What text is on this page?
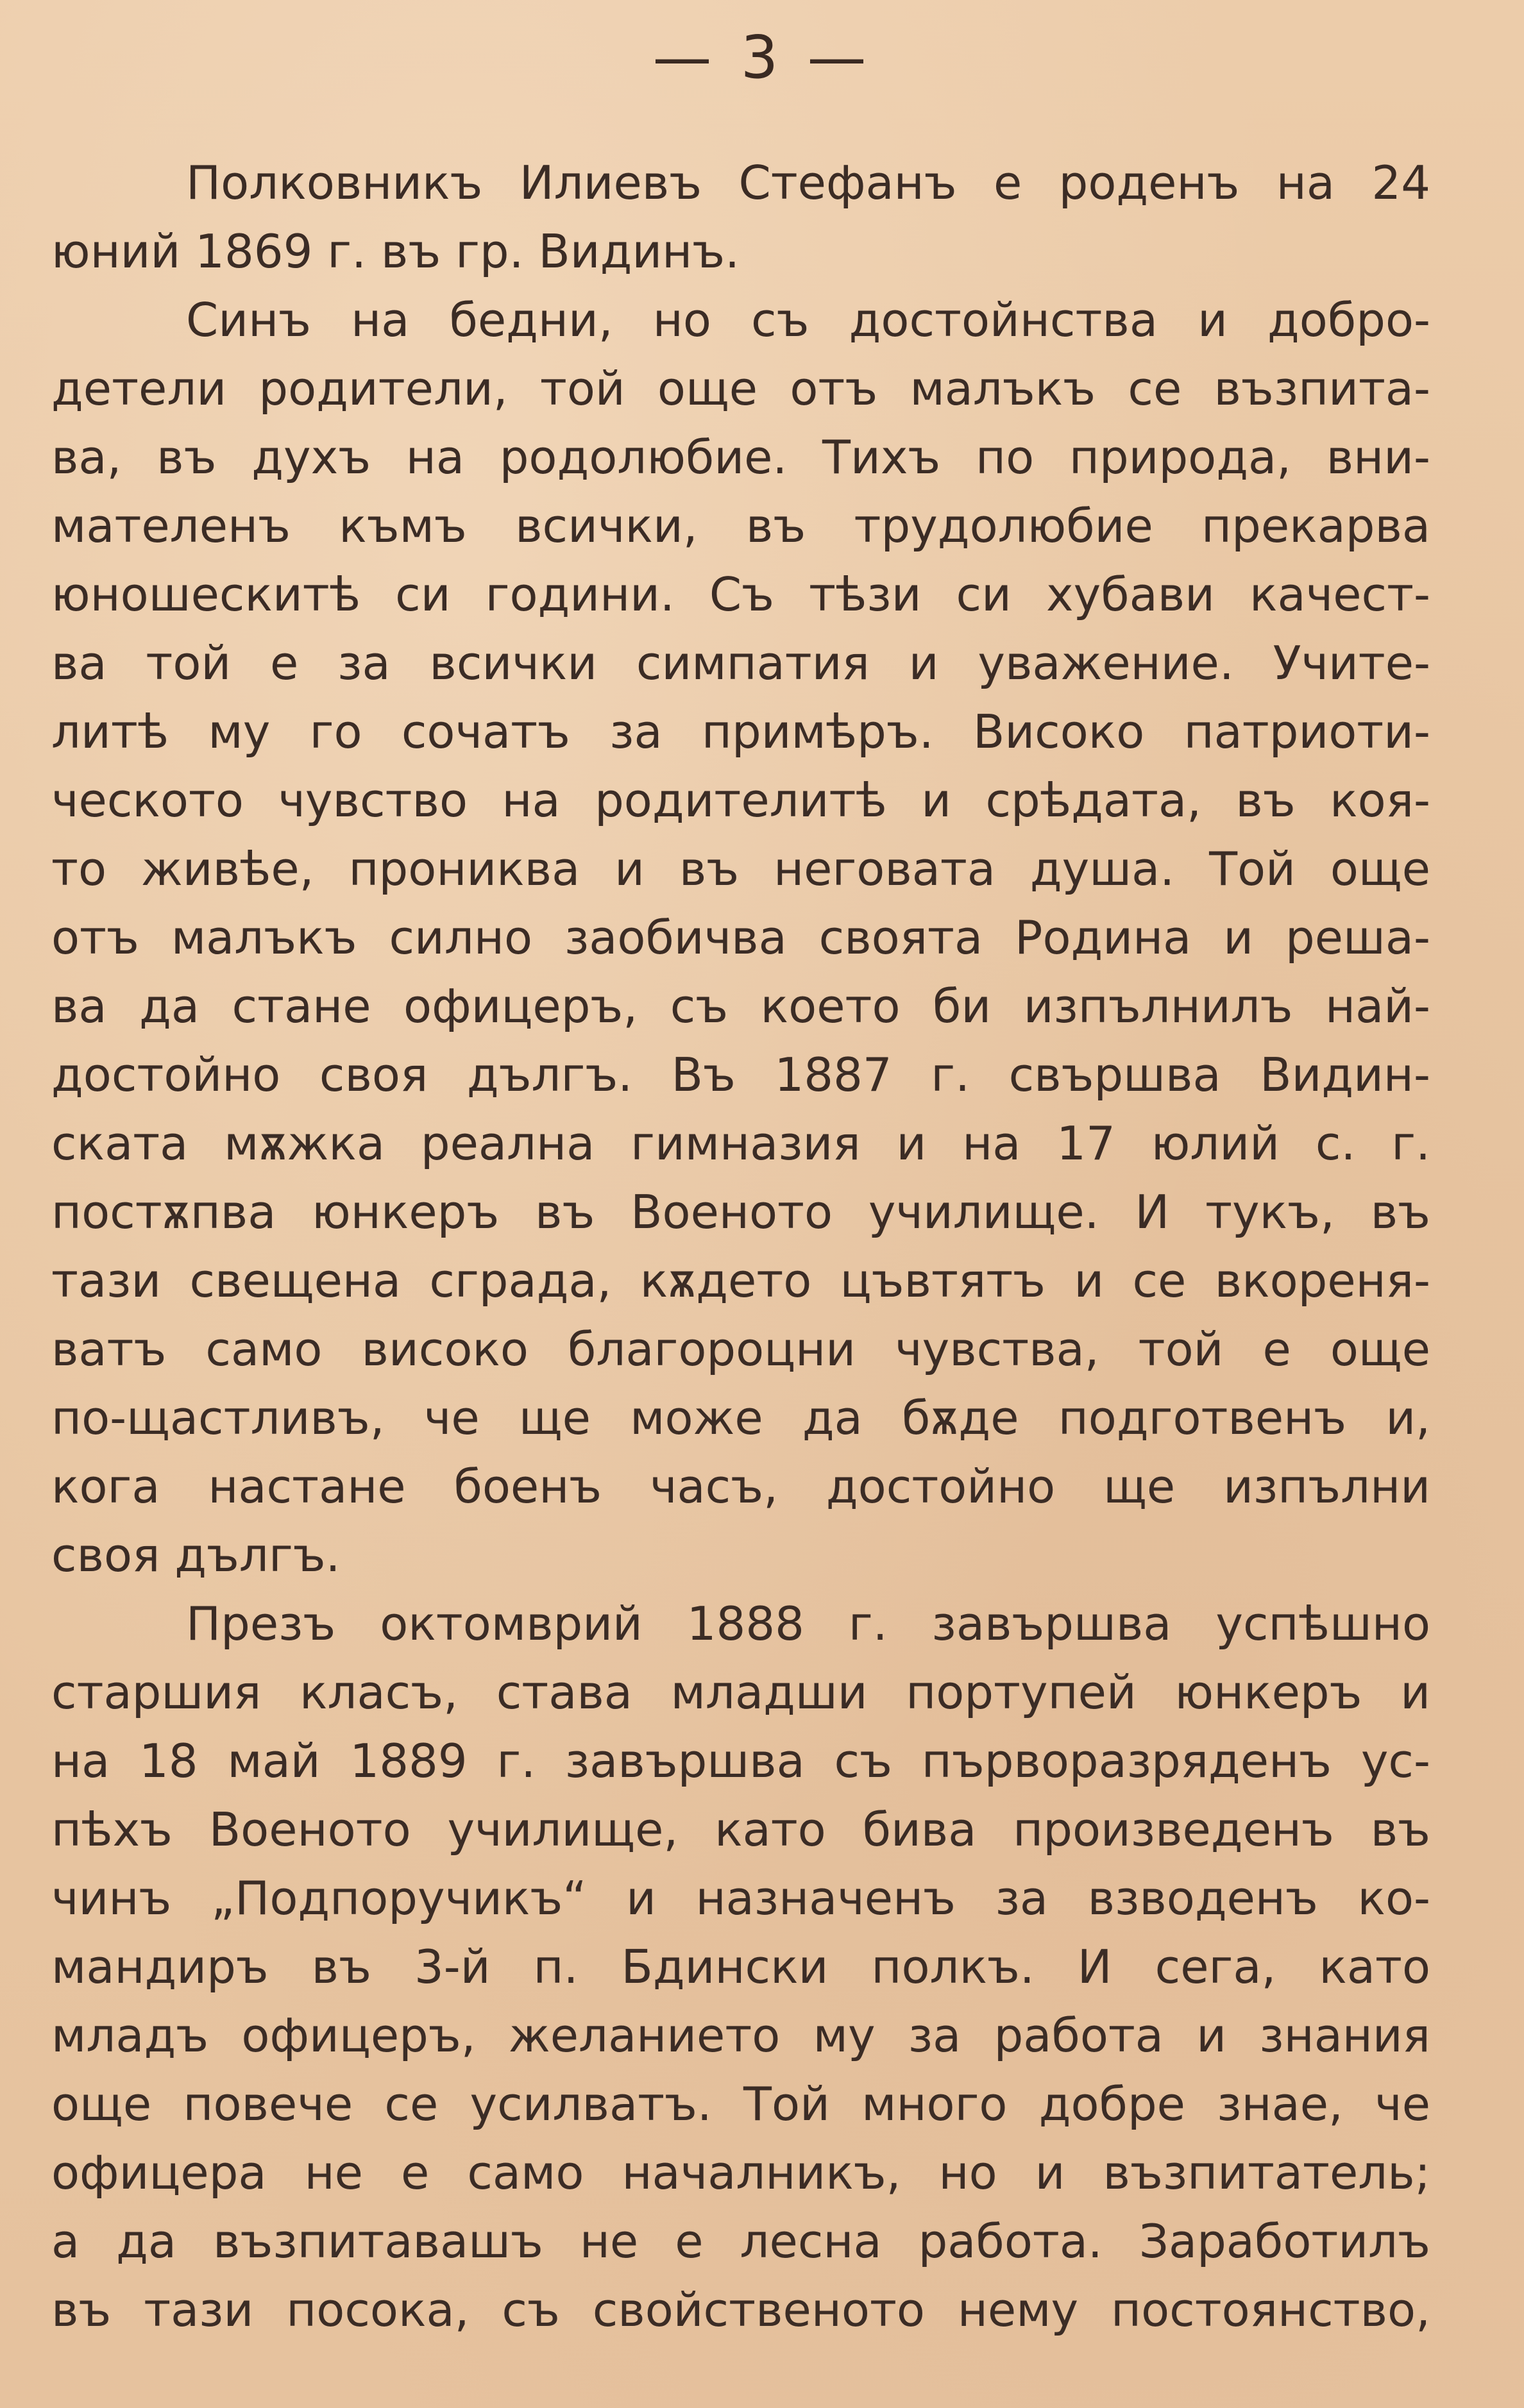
— 3 —
Полковникъ Илиевъ Стефанъ е роденъ на 24
юний 1869 г. въ гр. Видинъ.
Синъ на бедни, но съ достойнства и добро-
детели родители, той още отъ малъкъ се възпита-
ва, въ духъ на родолюбие. Тихъ по природа, вни-
мателенъ къмъ всички, въ трудолюбие прекарва
юношескитѣ си години. Съ тѣзи си хубави качест-
ва той е за всички симпатия и уважение. Учите-
литѣ му го сочатъ за примѣръ. Високо патриоти-
ческото чувство на родителитѣ и срѣдата, въ коя-
то живѣе, прониква и въ неговата душа. Той още
отъ малъкъ силно заобичва своята Родина и реша-
ва да стане офицеръ, съ което би изпълнилъ най-
достойно своя дългъ. Въ 1887 г. свършва Видин-
ската мѫжка реална гимназия и на 17 юлий с. г.
постѫпва юнкеръ въ Военото училище. И тукъ, въ
тази свещена сграда, кѫдето цъвтятъ и се вкореня-
ватъ само високо благороцни чувства, той е още
по-щастливъ, че ще може да бѫде подготвенъ и,
кога настане боенъ часъ, достойно ще изпълни
своя дългъ.
Презъ октомврий 1888 г. завършва успѣшно
старшия класъ, става младши портупей юнкеръ и
на 18 май 1889 г. завършва съ първоразряденъ ус-
пѣхъ Военото училище, като бива произведенъ въ
чинъ „Подпоручикъ“ и назначенъ за взводенъ ко-
мандиръ въ 3-й п. Бдински полкъ. И сега, като
младъ офицеръ, желанието му за работа и знания
още повече се усилватъ. Той много добре знае, че
офицера не е само началникъ, но и възпитатель;
а да възпитавашъ не е лесна работа. Заработилъ
въ тази посока, съ свойственото нему постоянство,
